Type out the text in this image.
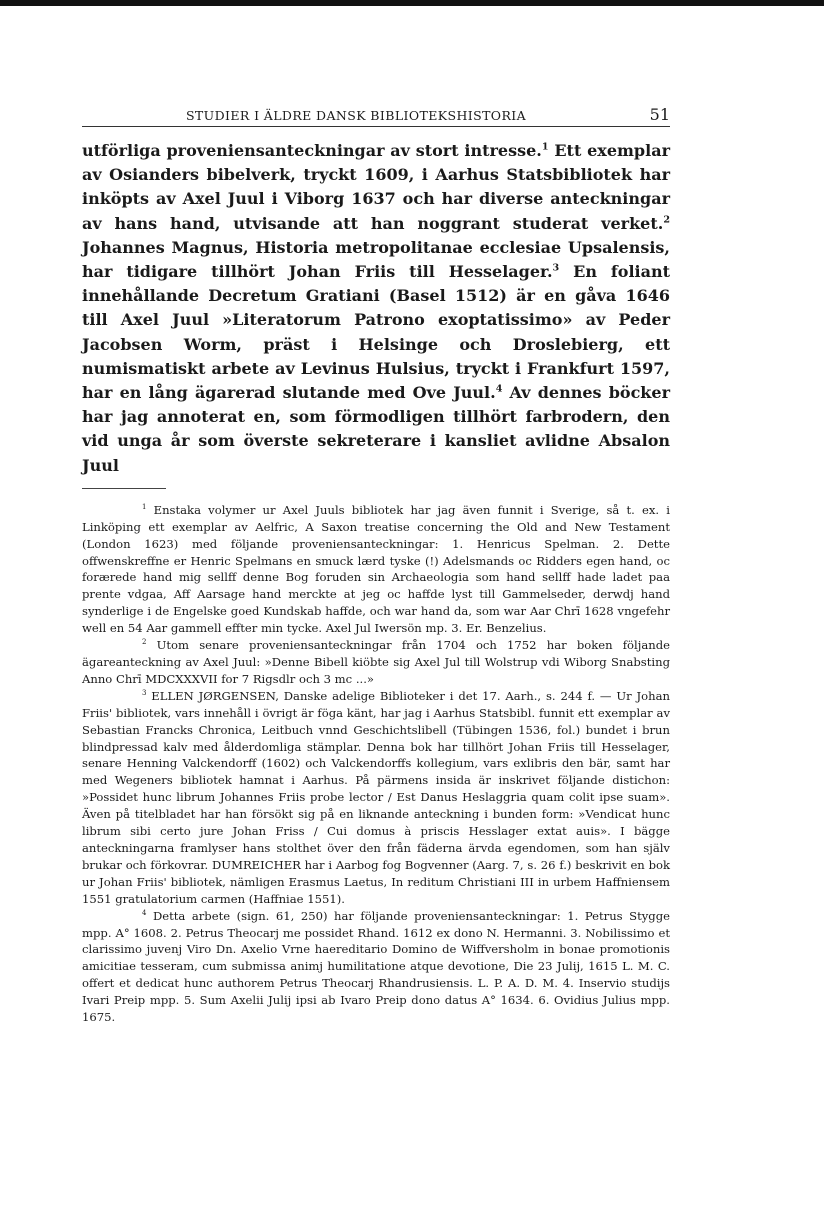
STUDIER I ÄLDRE DANSK BIBLIOTEKSHISTORIA	51

utförliga proveniensanteckningar av stort intresse.$^1$ Ett exemplar av Osianders bibelverk, tryckt 1609, i Aarhus Statsbibliotek har inköpts av Axel Juul i Viborg 1637 och har diverse anteckningar av hans hand, utvisande att han noggrant studerat verket.$^2$ Johannes Magnus, Historia metropolitanae ecclesiae Upsalensis, har tidigare tillhört Johan Friis till Hesselager.$^3$ En foliant innehållande Decretum Gratiani (Basel 1512) är en gåva 1646 till Axel Juul »Literatorum Patrono exoptatissimo» av Peder Jacobsen Worm, präst i Helsinge och Droslebierg, ett numismatiskt arbete av Levinus Hulsius, tryckt i Frankfurt 1597, har en lång ägarerad slutande med Ove Juul.$^4$ Av dennes böcker har jag annoterat en, som förmodligen tillhört farbrodern, den vid unga år som överste sekreterare i kansliet avlidne Absalon Juul

$^1$ Enstaka volymer ur Axel Juuls bibliotek har jag även funnit i Sverige, så t. ex. i Linköping ett exemplar av Aelfric, A Saxon treatise concerning the Old and New Testament (London 1623) med följande proveniensanteckningar: 1. Henricus Spelman. 2. Dette offwenskreffne er Henric Spelmans en smuck lærd tyske (!) Adelsmands oc Ridders egen hand, oc forærede hand mig sellff denne Bog foruden sin Archaeologia som hand sellff hade ladet paa prente vdgaa, Aff Aarsage hand merckte at jeg oc haffde lyst till Gammelseder, derwdj hand synderlige i de Engelske goed Kundskab haffde, och war hand da, som war Aar Chrī 1628 vngefehr well en 54 Aar gammell effter min tycke. Axel Jul Iwersön mp. 3. Er. Benzelius.

$^2$ Utom senare proveniensanteckningar från 1704 och 1752 har boken följande ägareanteckning av Axel Juul: »Denne Bibell kiöbte sig Axel Jul till Wolstrup vdi Wiborg Snabsting Anno Chrī MDCXXXVII for 7 Rigsdlr och 3 mc ...»

$^3$ ELLEN JØRGENSEN, Danske adelige Biblioteker i det 17. Aarh., s. 244 f. — Ur Johan Friis' bibliotek, vars innehåll i övrigt är föga känt, har jag i Aarhus Statsbibl. funnit ett exemplar av Sebastian Francks Chronica, Leitbuch vnnd Geschichtslibell (Tübingen 1536, fol.) bundet i brun blindpressad kalv med ålderdomliga stämplar. Denna bok har tillhört Johan Friis till Hesselager, senare Henning Valckendorff (1602) och Valckendorffs kollegium, vars exlibris den bär, samt har med Wegeners bibliotek hamnat i Aarhus. På pärmens insida är inskrivet följande distichon: »Possidet hunc librum Johannes Friis probe lector / Est Danus Heslaggria quam colit ipse suam». Även på titelbladet har han försökt sig på en liknande anteckning i bunden form: »Vendicat hunc librum sibi certo jure Johan Friss / Cui domus à priscis Hesslager extat auis». I bägge anteckningarna framlyser hans stolthet över den från fäderna ärvda egendomen, som han själv brukar och förkovrar. DUMREICHER har i Aarbog fog Bogvenner (Aarg. 7, s. 26 f.) beskrivit en bok ur Johan Friis' bibliotek, nämligen Erasmus Laetus, In reditum Christiani III in urbem Haffniensem 1551 gratulatorium carmen (Haffniae 1551).

$^4$ Detta arbete (sign. 61, 250) har följande proveniensanteckningar: 1. Petrus Stygge mpp. A° 1608. 2. Petrus Theocarj me possidet Rhand. 1612 ex dono N. Hermanni. 3. Nobilissimo et clarissimo juvenj Viro Dn. Axelio Vrne haereditario Domino de Wiffversholm in bonae promotionis amicitiae tesseram, cum submissa animj humilitatione atque devotione, Die 23 Julij, 1615 L. M. C. offert et dedicat hunc authorem Petrus Theocarj Rhandrusiensis. L. P. A. D. M. 4. Inservio studijs Ivari Preip mpp. 5. Sum Axelii Julij ipsi ab Ivaro Preip dono datus A° 1634. 6. Ovidius Julius mpp. 1675.
